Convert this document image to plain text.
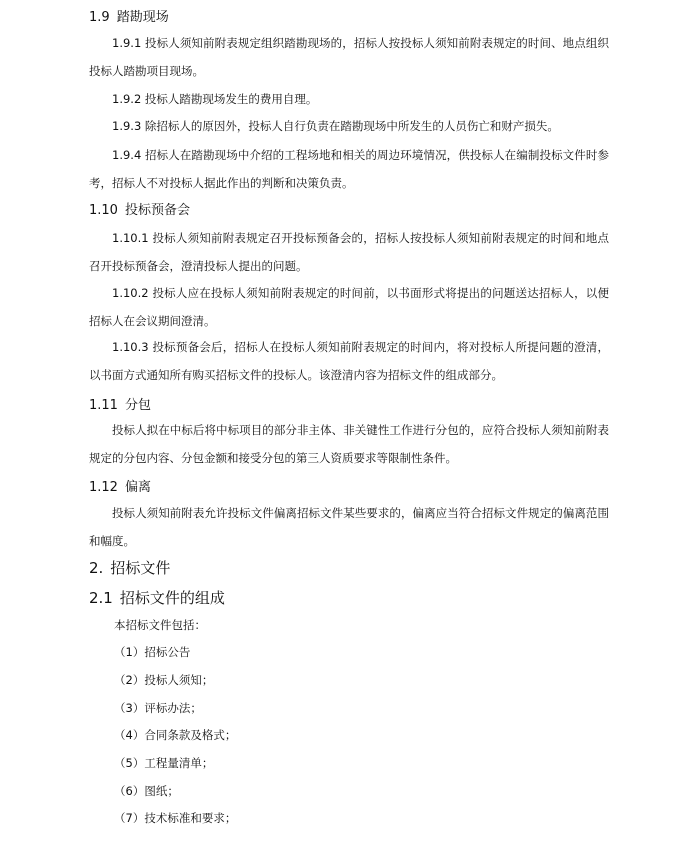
1.9 踏勘现场
1.9.1 投标人须知前附表规定组织踏勘现场的，招标人按投标人须知前附表规定的时间、地点组织投标人踏勘项目现场。
1.9.2 投标人踏勘现场发生的费用自理。
1.9.3 除招标人的原因外，投标人自行负责在踏勘现场中所发生的人员伤亡和财产损失。
1.9.4 招标人在踏勘现场中介绍的工程场地和相关的周边环境情况，供投标人在编制投标文件时参考，招标人不对投标人据此作出的判断和决策负责。
1.10 投标预备会
1.10.1 投标人须知前附表规定召开投标预备会的，招标人按投标人须知前附表规定的时间和地点召开投标预备会，澄清投标人提出的问题。
1.10.2 投标人应在投标人须知前附表规定的时间前，以书面形式将提出的问题送达招标人，以便招标人在会议期间澄清。
1.10.3 投标预备会后，招标人在投标人须知前附表规定的时间内，将对投标人所提问题的澄清，以书面方式通知所有购买招标文件的投标人。该澄清内容为招标文件的组成部分。
1.11 分包
投标人拟在中标后将中标项目的部分非主体、非关键性工作进行分包的，应符合投标人须知前附表规定的分包内容、分包金额和接受分包的第三人资质要求等限制性条件。
1.12 偏离
投标人须知前附表允许投标文件偏离招标文件某些要求的，偏离应当符合招标文件规定的偏离范围和幅度。
2. 招标文件
2.1 招标文件的组成
本招标文件包括：
（1）招标公告
（2）投标人须知；
（3）评标办法；
（4）合同条款及格式；
（5）工程量清单；
（6）图纸；
（7）技术标准和要求；
